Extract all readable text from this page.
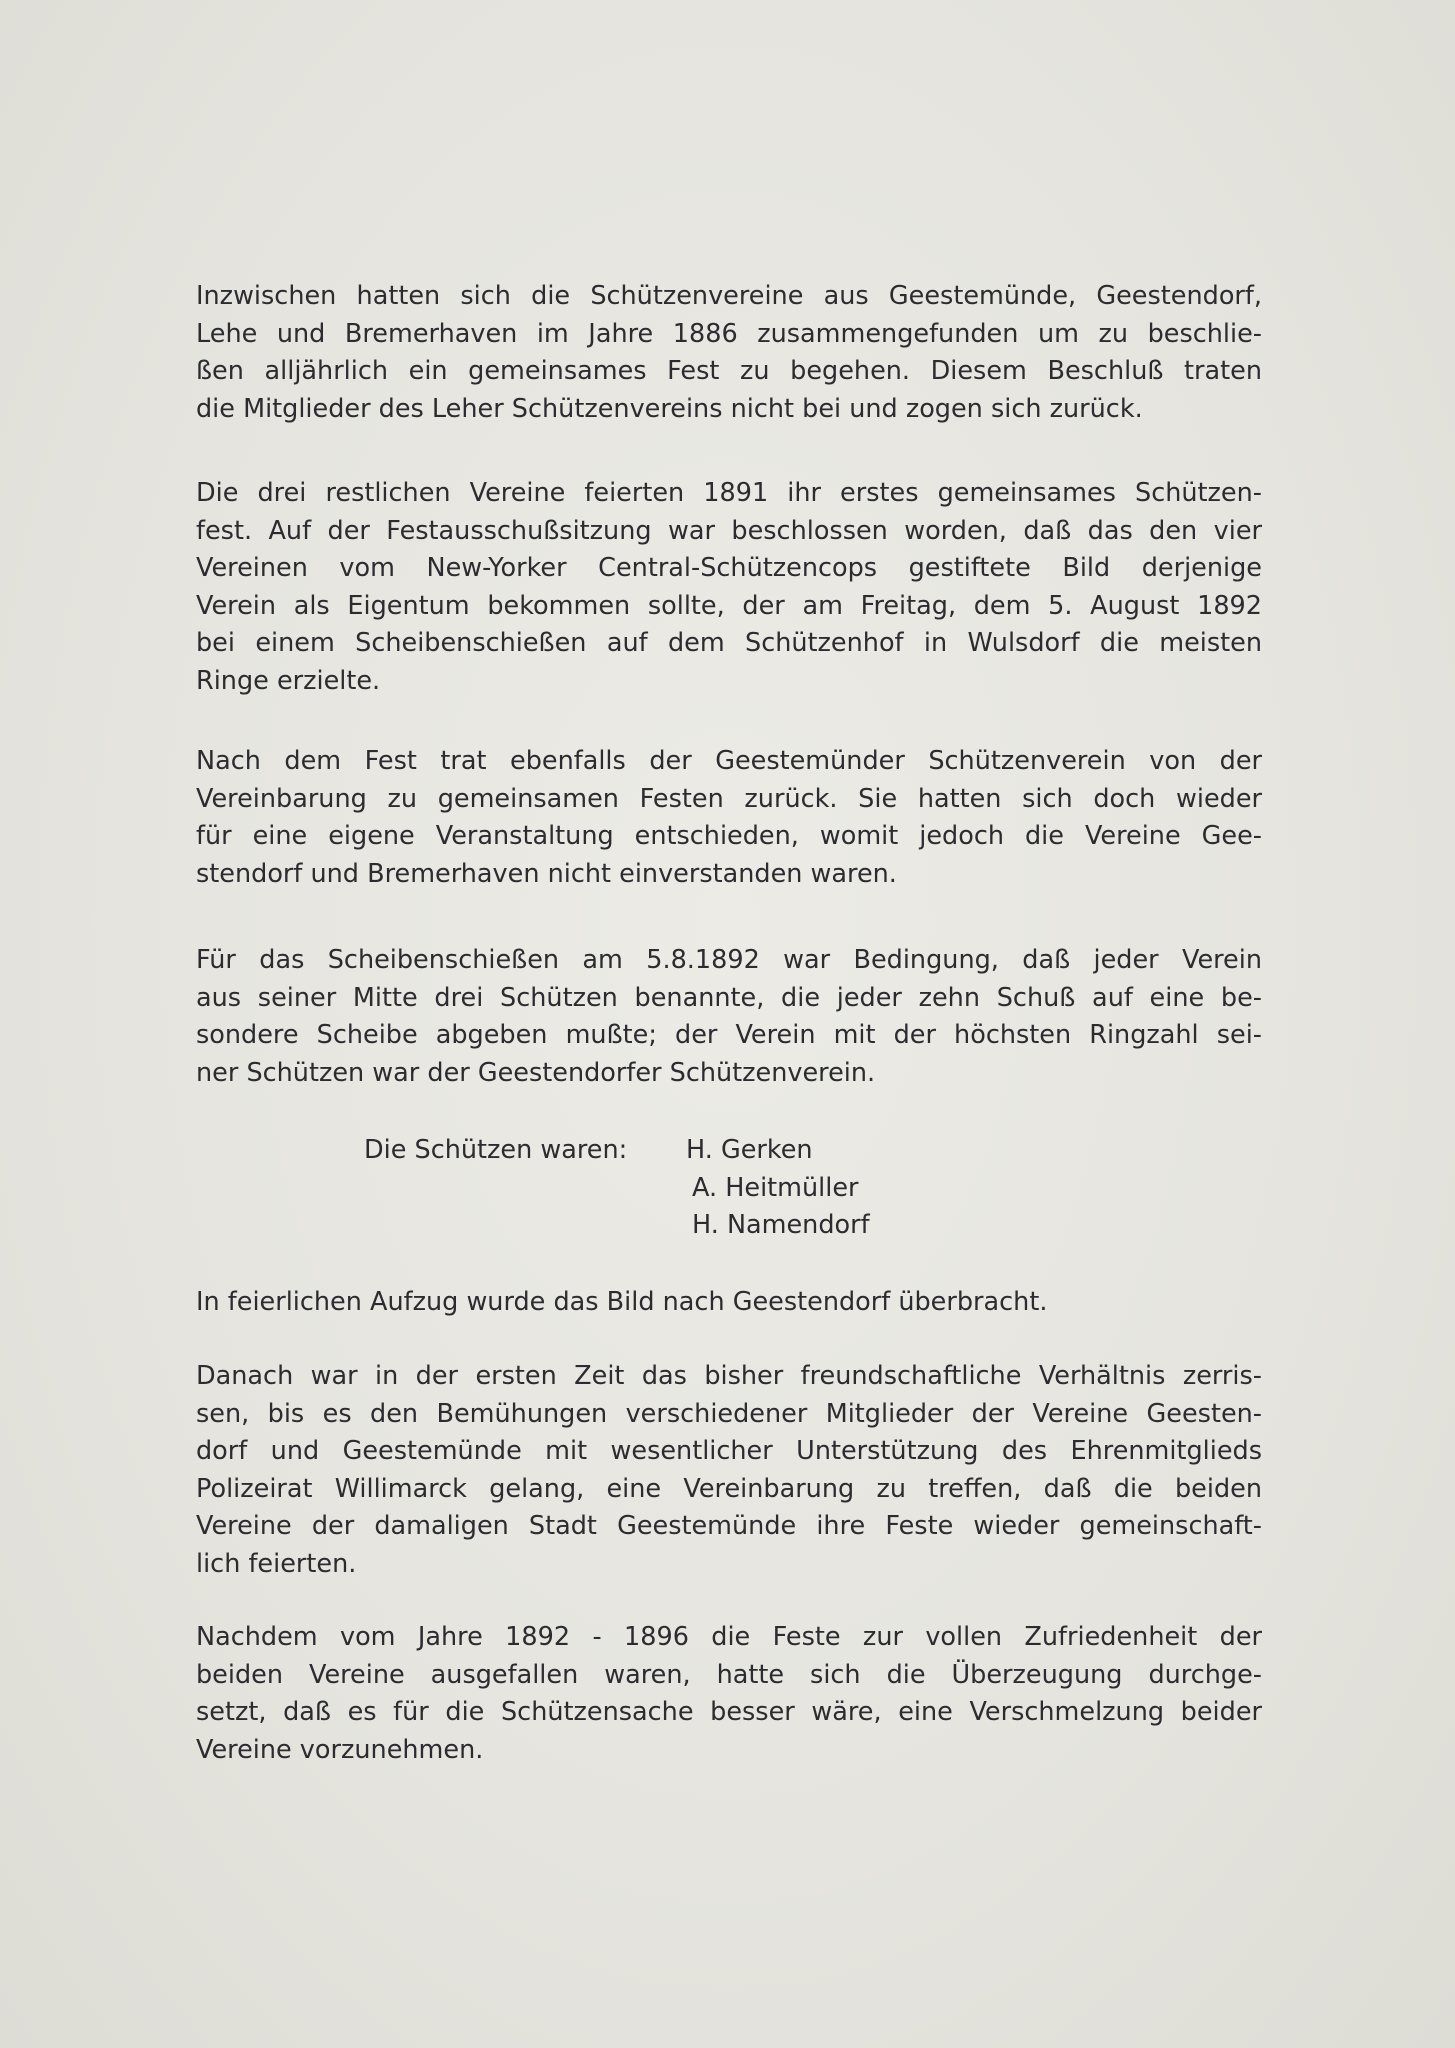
Inzwischen hatten sich die Schützenvereine aus Geestemünde, Geestendorf,
Lehe und Bremerhaven im Jahre 1886 zusammengefunden um zu beschlie-
ßen alljährlich ein gemeinsames Fest zu begehen. Diesem Beschluß traten
die Mitglieder des Leher Schützenvereins nicht bei und zogen sich zurück.

Die drei restlichen Vereine feierten 1891 ihr erstes gemeinsames Schützen-
fest. Auf der Festausschußsitzung war beschlossen worden, daß das den vier
Vereinen vom New-Yorker Central-Schützencops gestiftete Bild derjenige
Verein als Eigentum bekommen sollte, der am Freitag, dem 5. August 1892
bei einem Scheibenschießen auf dem Schützenhof in Wulsdorf die meisten
Ringe erzielte.

Nach dem Fest trat ebenfalls der Geestemünder Schützenverein von der
Vereinbarung zu gemeinsamen Festen zurück. Sie hatten sich doch wieder
für eine eigene Veranstaltung entschieden, womit jedoch die Vereine Gee-
stendorf und Bremerhaven nicht einverstanden waren.

Für das Scheibenschießen am 5.8.1892 war Bedingung, daß jeder Verein
aus seiner Mitte drei Schützen benannte, die jeder zehn Schuß auf eine be-
sondere Scheibe abgeben mußte; der Verein mit der höchsten Ringzahl sei-
ner Schützen war der Geestendorfer Schützenverein.

Die Schützen waren: H. Gerken
A. Heitmüller
H. Namendorf

In feierlichen Aufzug wurde das Bild nach Geestendorf überbracht.

Danach war in der ersten Zeit das bisher freundschaftliche Verhältnis zerris-
sen, bis es den Bemühungen verschiedener Mitglieder der Vereine Geesten-
dorf und Geestemünde mit wesentlicher Unterstützung des Ehrenmitglieds
Polizeirat Willimarck gelang, eine Vereinbarung zu treffen, daß die beiden
Vereine der damaligen Stadt Geestemünde ihre Feste wieder gemeinschaft-
lich feierten.

Nachdem vom Jahre 1892 - 1896 die Feste zur vollen Zufriedenheit der
beiden Vereine ausgefallen waren, hatte sich die Überzeugung durchge-
setzt, daß es für die Schützensache besser wäre, eine Verschmelzung beider
Vereine vorzunehmen.
